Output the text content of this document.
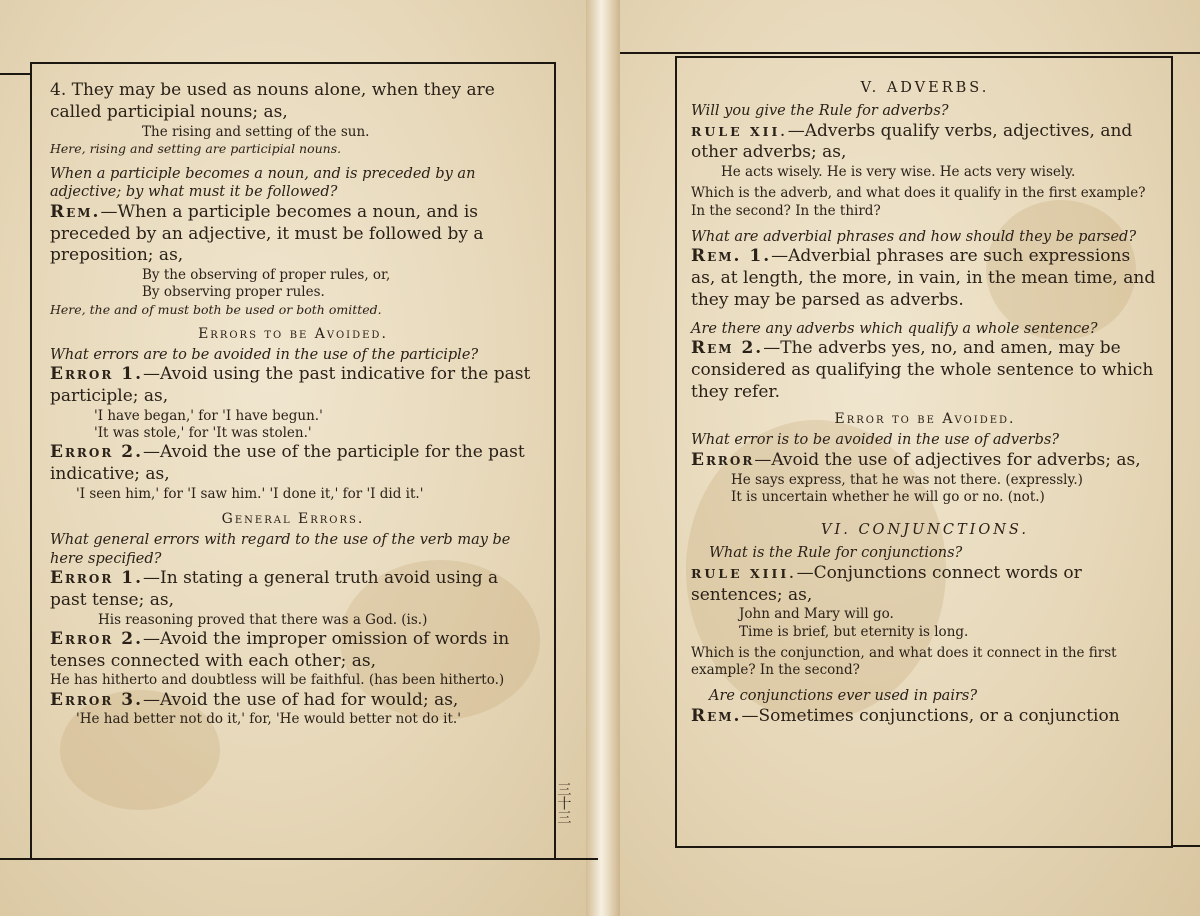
4. They may be used as nouns alone, when they are called participial nouns; as,

The rising and setting of the sun.

Here, rising and setting are participial nouns.

When a participle becomes a noun, and is preceded by an adjective; by what must it be followed?

Rem.—When a participle becomes a noun, and is preceded by an adjective, it must be followed by a preposition; as,

By the observing of proper rules, or,

By observing proper rules.

Here, the and of must both be used or both omitted.

Errors to be Avoided.

What errors are to be avoided in the use of the participle?

Error 1.—Avoid using the past indicative for the past participle; as,

'I have began,' for 'I have begun.'

'It was stole,' for 'It was stolen.'

Error 2.—Avoid the use of the participle for the past indicative; as,

'I seen him,' for 'I saw him.' 'I done it,' for 'I did it.'

General Errors.

What general errors with regard to the use of the verb may be here specified?

Error 1.—In stating a general truth avoid using a past tense; as,

His reasoning proved that there was a God. (is.)

Error 2.—Avoid the improper omission of words in tenses connected with each other; as,

He has hitherto and doubtless will be faithful. (has been hitherto.)

Error 3.—Avoid the use of had for would; as,

'He had better not do it,' for, 'He would better not do it.'

三十三
V. ADVERBS.

Will you give the Rule for adverbs?

RULE XII.—Adverbs qualify verbs, adjectives, and other adverbs; as,

He acts wisely. He is very wise. He acts very wisely.

Which is the adverb, and what does it qualify in the first example? In the second? In the third?

What are adverbial phrases and how should they be parsed?

Rem. 1.—Adverbial phrases are such expressions as, at length, the more, in vain, in the mean time, and they may be parsed as adverbs.

Are there any adverbs which qualify a whole sentence?

Rem 2.—The adverbs yes, no, and amen, may be considered as qualifying the whole sentence to which they refer.

Error to be Avoided.

What error is to be avoided in the use of adverbs?

Error—Avoid the use of adjectives for adverbs; as,

He says express, that he was not there. (expressly.)

It is uncertain whether he will go or no. (not.)

VI. CONJUNCTIONS.

What is the Rule for conjunctions?

RULE XIII.—Conjunctions connect words or sentences; as,

John and Mary will go.

Time is brief, but eternity is long.

Which is the conjunction, and what does it connect in the first example? In the second?

Are conjunctions ever used in pairs?

Rem.—Sometimes conjunctions, or a conjunction
